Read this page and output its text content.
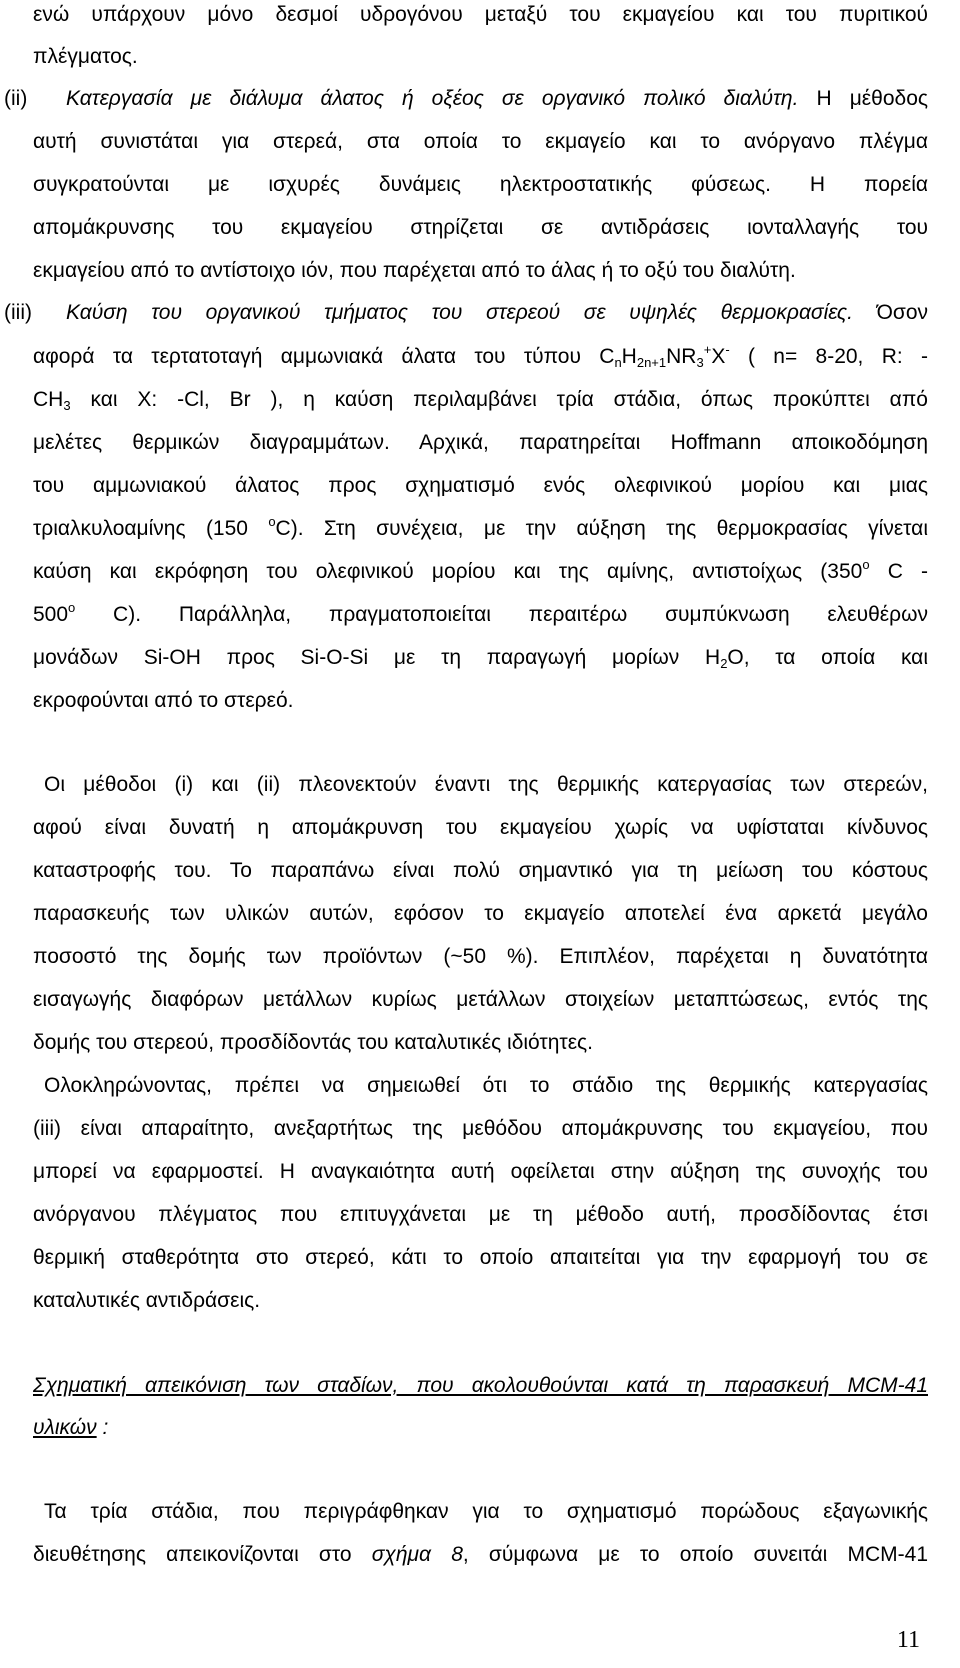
ενώ υπάρχουν μόνο δεσμοί υδρογόνου μεταξύ του εκμαγείου και του πυριτικού
πλέγματος.
(ii)	Κατεργασία με διάλυμα άλατος ή οξέος σε οργανικό πολικό διαλύτη. Η μέθοδος
αυτή συνιστάται για στερεά, στα οποία το εκμαγείο και το ανόργανο πλέγμα
συγκρατούνται με ισχυρές δυνάμεις ηλεκτροστατικής φύσεως. Η πορεία
απομάκρυνσης του εκμαγείου στηρίζεται σε αντιδράσεις ιονταλλαγής του
εκμαγείου από το αντίστοιχο ιόν, που παρέχεται από το άλας ή το οξύ του διαλύτη.
(iii)	Καύση του οργανικού τμήματος του στερεού σε υψηλές θερμοκρασίες. Όσον
αφορά τα τερτατοταγή αμμωνιακά άλατα του τύπου $C_nH_{2n+1}NR_3^+X^-$ ( n= 8-20, R: -
$CH_3$ και X: -Cl, Br ), η καύση περιλαμβάνει τρία στάδια, όπως προκύπτει από
μελέτες θερμικών διαγραμμάτων. Αρχικά, παρατηρείται Hoffmann αποικοδόμηση
του αμμωνιακού άλατος προς σχηματισμό ενός ολεφινικού μορίου και μιας
τριαλκυλοαμίνης (150 $^o$C). Στη συνέχεια, με την αύξηση της θερμοκρασίας γίνεται
καύση και εκρόφηση του ολεφινικού μορίου και της αμίνης, αντιστοίχως (350$^o$ C -
500$^o$ C). Παράλληλα, πραγματοποιείται περαιτέρω συμπύκνωση ελευθέρων
μονάδων Si-OH προς Si-O-Si με τη παραγωγή μορίων $H_2O$, τα οποία και
εκροφούνται από το στερεό.
Οι μέθοδοι (i) και (ii) πλεονεκτούν έναντι της θερμικής κατεργασίας των στερεών,
αφού είναι δυνατή η απομάκρυνση του εκμαγείου χωρίς να υφίσταται κίνδυνος
καταστροφής του. Το παραπάνω είναι πολύ σημαντικό για τη μείωση του κόστους
παρασκευής των υλικών αυτών, εφόσον το εκμαγείο αποτελεί ένα αρκετά μεγάλο
ποσοστό της δομής των προϊόντων (~50 %). Επιπλέον, παρέχεται η δυνατότητα
εισαγωγής διαφόρων μετάλλων κυρίως μετάλλων στοιχείων μεταπτώσεως, εντός της
δομής του στερεού, προσδίδοντάς του καταλυτικές ιδιότητες.
Ολοκληρώνοντας, πρέπει να σημειωθεί ότι το στάδιο της θερμικής κατεργασίας
(iii) είναι απαραίτητο, ανεξαρτήτως της μεθόδου απομάκρυνσης του εκμαγείου, που
μπορεί να εφαρμοστεί. Η αναγκαιότητα αυτή οφείλεται στην αύξηση της συνοχής του
ανόργανου πλέγματος που επιτυγχάνεται με τη μέθοδο αυτή, προσδίδοντας έτσι
θερμική σταθερότητα στο στερεό, κάτι το οποίο απαιτείται για την εφαρμογή του σε
καταλυτικές αντιδράσεις.
Σχηματική απεικόνιση των σταδίων, που ακολουθούνται κατά τη παρασκευή MCM-41
υλικών :
Τα τρία στάδια, που περιγράφθηκαν για το σχηματισμό πορώδους εξαγωνικής
διευθέτησης απεικονίζονται στο σχήμα 8, σύμφωνα με το οποίο συνειτάι MCM-41
11
